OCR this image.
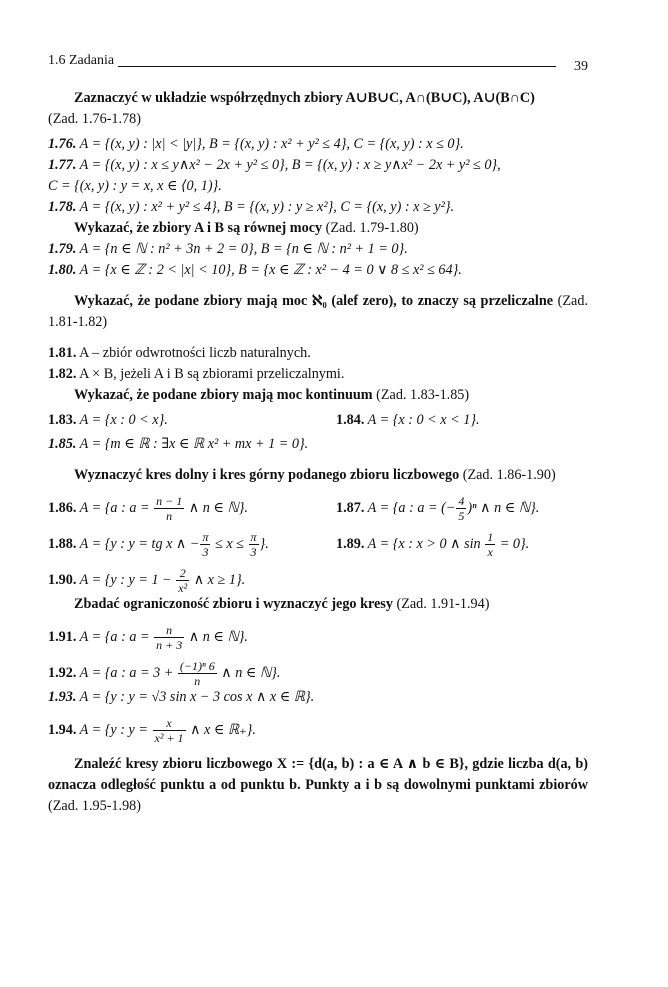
1.6 Zadania	39

Zaznaczyć w układzie współrzędnych zbiory A∪B∪C, A∩(B∪C), A∪(B∩C)
(Zad. 1.76-1.78)

1.76. A = {(x, y) : |x| < |y|}, B = {(x, y) : x² + y² ≤ 4}, C = {(x, y) : x ≤ 0}.

1.77. A = {(x, y) : x ≤ y∧x² − 2x + y² ≤ 0}, B = {(x, y) : x ≥ y∧x² − 2x + y² ≤ 0},

C = {(x, y) : y = x, x ∈ ⟨0, 1)}.

1.78. A = {(x, y) : x² + y² ≤ 4}, B = {(x, y) : y ≥ x²}, C = {(x, y) : x ≥ y²}.

Wykazać, że zbiory A i B są równej mocy (Zad. 1.79-1.80)

1.79. A = {n ∈ ℕ : n² + 3n + 2 = 0}, B = {n ∈ ℕ : n² + 1 = 0}.

1.80. A = {x ∈ ℤ : 2 < |x| < 10}, B = {x ∈ ℤ : x² − 4 = 0 ∨ 8 ≤ x² ≤ 64}.

Wykazać, że podane zbiory mają moc ℵ₀ (alef zero), to znaczy są przeliczalne (Zad. 1.81-1.82)

1.81. A – zbiór odwrotności liczb naturalnych.

1.82. A × B, jeżeli A i B są zbiorami przeliczalnymi.

Wykazać, że podane zbiory mają moc kontinuum (Zad. 1.83-1.85)

1.83. A = {x : 0 < x}.	1.84. A = {x : 0 < x < 1}.

1.85. A = {m ∈ ℝ : ∃x ∈ ℝ x² + mx + 1 = 0}.

Wyznaczyć kres dolny i kres górny podanego zbioru liczbowego (Zad. 1.86-1.90)

1.86. A = {a : $a = \frac{n - 1}{n}$ ∧ n ∈ ℕ}.	1.87. A = {a : a = (− $\frac{4}{5} )^n$ ∧ n ∈ ℕ}.
1.88. A = {y : y = tg x ∧ − $\frac{\pi}{3} \le x \le \frac{\pi}{3}$ }.	1.89. A = {x : x > 0 ∧ $\sin \frac{1}{x} = 0$}.
1.90. A = {y : $y = 1 - \frac{2}{\text{x²}}$ ∧ x ≥ 1}.

Zbadać ograniczoność zbioru i wyznaczyć jego kresy (Zad. 1.91-1.94)

1.91. A = {a : $a = \frac{n}{n + 3}$ ∧ n ∈ ℕ}.
1.92. A = {a : $a = 3 + \frac{\text{(−1)ⁿ 6}}{n}$ ∧ n ∈ ℕ}.

1.93. A = {y : y = √3 sin x − 3 cos x ∧ x ∈ ℝ}.

1.94. A = {y : $y = \frac{x}{\text{x² + 1}}$ ∧ x ∈ ℝ₊}.

Znaleźć kresy zbioru liczbowego X := {d(a, b) : a ∈ A ∧ b ∈ B}, gdzie liczba d(a, b) oznacza odległość punktu a od punktu b. Punkty a i b są dowolnymi punktami zbiorów (Zad. 1.95-1.98)
